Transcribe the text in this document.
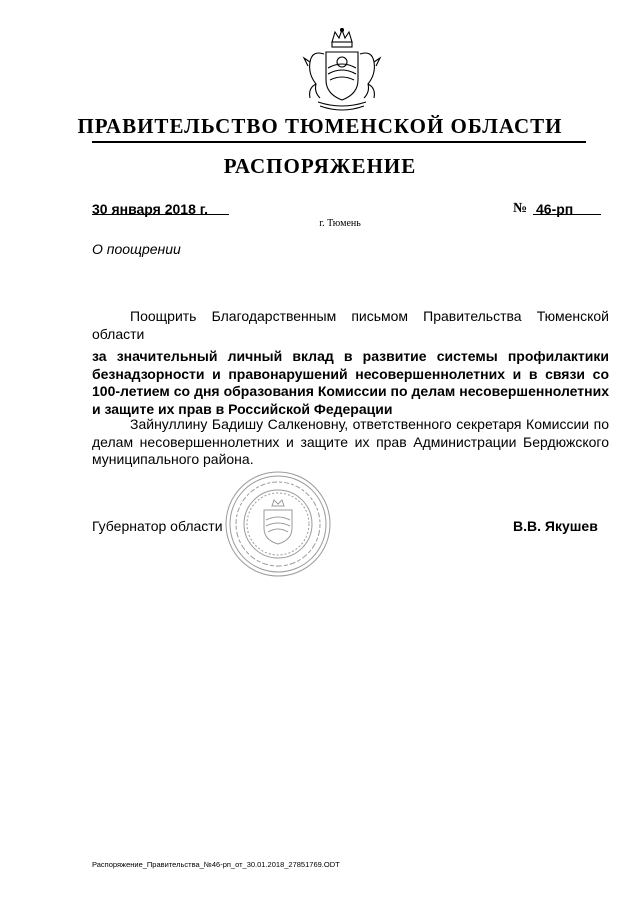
ПРАВИТЕЛЬСТВО ТЮМЕНСКОЙ ОБЛАСТИ
РАСПОРЯЖЕНИЕ
30 января 2018 г.	№ 46-рп
г. Тюмень
О поощрении
Поощрить Благодарственным письмом Правительства Тюменской области
за значительный личный вклад в развитие системы профилактики безнадзорности и правонарушений несовершеннолетних и в связи со 100-летием со дня образования Комиссии по делам несовершеннолетних и защите их прав в Российской Федерации
Зайнуллину Бадишу Салкеновну, ответственного секретаря Комиссии по делам несовершеннолетних и защите их прав Администрации Бердюжского муниципального района.
Губернатор области	В.В. Якушев
Распоряжение_Правительства_№46-рп_от_30.01.2018_27851769.ODT
